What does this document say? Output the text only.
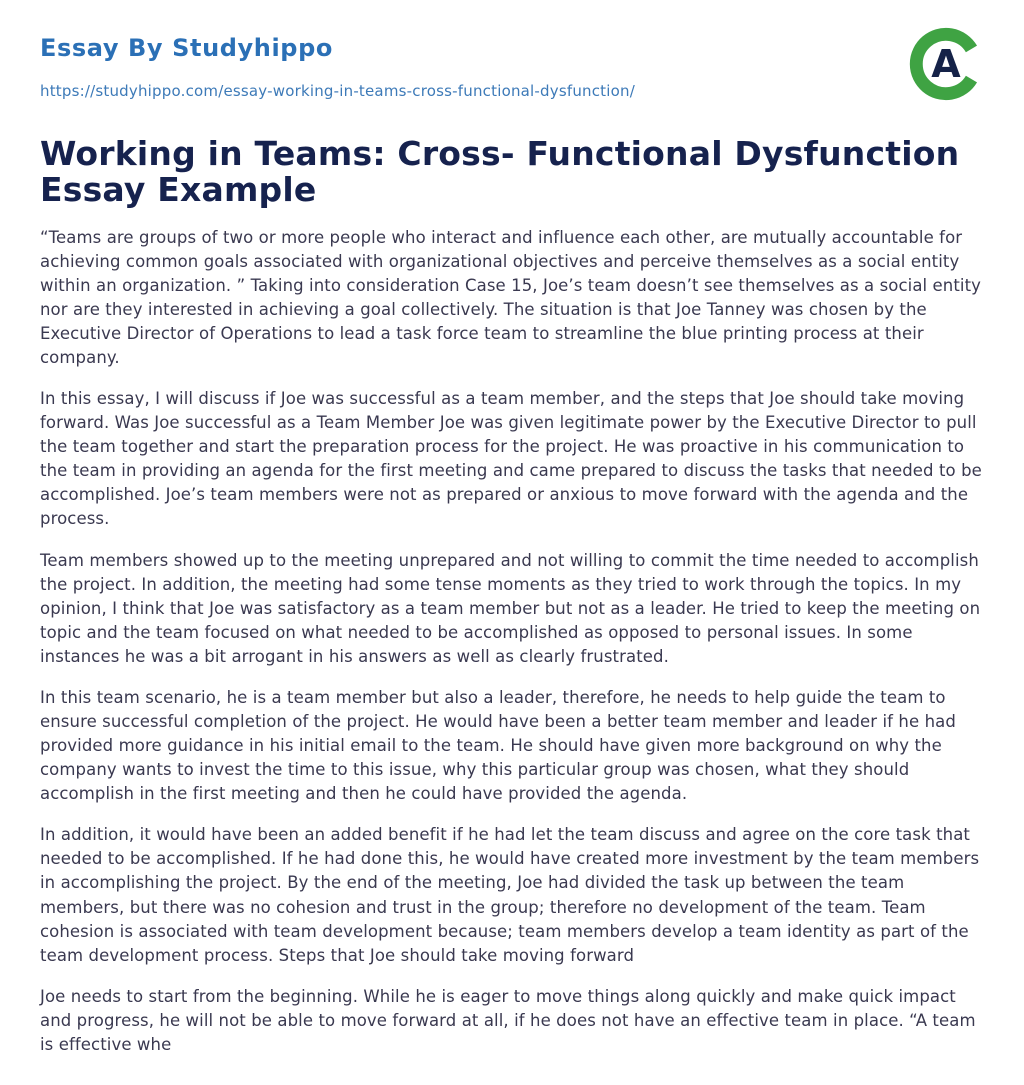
Essay By Studyhippo
https://studyhippo.com/essay-working-in-teams-cross-functional-dysfunction/
A
Working in Teams: Cross- Functional Dysfunction Essay Example

“Teams are groups of two or more people who interact and influence each other, are mutually accountable for achieving common goals associated with organizational objectives and perceive themselves as a social entity within an organization. ” Taking into consideration Case 15, Joe’s team doesn’t see themselves as a social entity nor are they interested in achieving a goal collectively. The situation is that Joe Tanney was chosen by the Executive Director of Operations to lead a task force team to streamline the blue printing process at their company.

In this essay, I will discuss if Joe was successful as a team member, and the steps that Joe should take moving forward. Was Joe successful as a Team Member Joe was given legitimate power by the Executive Director to pull the team together and start the preparation process for the project. He was proactive in his communication to the team in providing an agenda for the first meeting and came prepared to discuss the tasks that needed to be accomplished. Joe’s team members were not as prepared or anxious to move forward with the agenda and the process.

Team members showed up to the meeting unprepared and not willing to commit the time needed to accomplish the project. In addition, the meeting had some tense moments as they tried to work through the topics. In my opinion, I think that Joe was satisfactory as a team member but not as a leader. He tried to keep the meeting on topic and the team focused on what needed to be accomplished as opposed to personal issues. In some instances he was a bit arrogant in his answers as well as clearly frustrated.

In this team scenario, he is a team member but also a leader, therefore, he needs to help guide the team to ensure successful completion of the project. He would have been a better team member and leader if he had provided more guidance in his initial email to the team. He should have given more background on why the company wants to invest the time to this issue, why this particular group was chosen, what they should accomplish in the first meeting and then he could have provided the agenda.

In addition, it would have been an added benefit if he had let the team discuss and agree on the core task that needed to be accomplished. If he had done this, he would have created more investment by the team members in accomplishing the project. By the end of the meeting, Joe had divided the task up between the team members, but there was no cohesion and trust in the group; therefore no development of the team. Team cohesion is associated with team development because; team members develop a team identity as part of the team development process. Steps that Joe should take moving forward

Joe needs to start from the beginning. While he is eager to move things along quickly and make quick impact and progress, he will not be able to move forward at all, if he does not have an effective team in place. “A team is effective whe
